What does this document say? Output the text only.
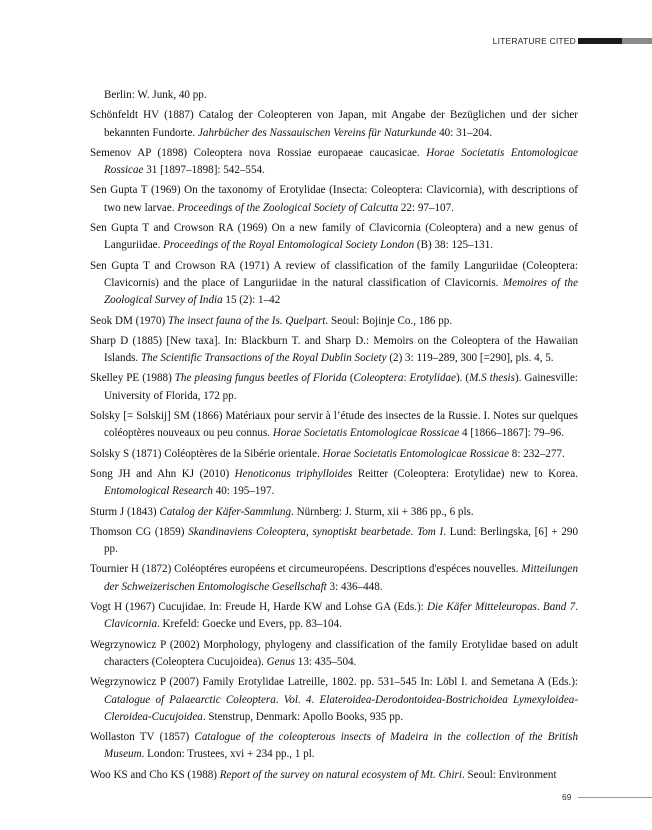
LITERATURE CITED

Berlin: W. Junk, 40 pp.

Schönfeldt HV (1887) Catalog der Coleopteren von Japan, mit Angabe der Bezüglichen und der sicher bekannten Fundorte. Jahrbücher des Nassauischen Vereins für Naturkunde 40: 31–204.

Semenov AP (1898) Coleoptera nova Rossiae europaeae caucasicae. Horae Societatis Entomologicae Rossicae 31 [1897–1898]: 542–554.

Sen Gupta T (1969) On the taxonomy of Erotylidae (Insecta: Coleoptera: Clavicornia), with descriptions of two new larvae. Proceedings of the Zoological Society of Calcutta 22: 97–107.

Sen Gupta T and Crowson RA (1969) On a new family of Clavicornia (Coleoptera) and a new genus of Languriidae. Proceedings of the Royal Entomological Society London (B) 38: 125–131.

Sen Gupta T and Crowson RA (1971) A review of classification of the family Languriidae (Coleoptera: Clavicornis) and the place of Languriidae in the natural classification of Clavicornis. Memoires of the Zoological Survey of India 15 (2): 1–42

Seok DM (1970) The insect fauna of the Is. Quelpart. Seoul: Bojinje Co., 186 pp.

Sharp D (1885) [New taxa]. In: Blackburn T. and Sharp D.: Memoirs on the Coleoptera of the Hawaiian Islands. The Scientific Transactions of the Royal Dublin Society (2) 3: 119–289, 300 [=290], pls. 4, 5.

Skelley PE (1988) The pleasing fungus beetles of Florida (Coleoptera: Erotylidae). (M.S thesis). Gainesville: University of Florida, 172 pp.

Solsky [= Solskij] SM (1866) Matériaux pour servir à l’étude des insectes de la Russie. I. Notes sur quelques coléoptères nouveaux ou peu connus. Horae Societatis Entomologicae Rossicae 4 [1866–1867]: 79–96.

Solsky S (1871) Coléoptères de la Sibérie orientale. Horae Societatis Entomologicae Rossicae 8: 232–277.

Song JH and Ahn KJ (2010) Henoticonus triphylloides Reitter (Coleoptera: Erotylidae) new to Korea. Entomological Research 40: 195–197.

Sturm J (1843) Catalog der Käfer-Sammlung. Nürnberg: J. Sturm, xii + 386 pp., 6 pls.

Thomson CG (1859) Skandinaviens Coleoptera, synoptiskt bearbetade. Tom I. Lund: Berlingska, [6] + 290 pp.

Tournier H (1872) Coléoptéres européens et circumeuropéens. Descriptions d'espéces nouvelles. Mitteilungen der Schweizerischen Entomologische Gesellschaft 3: 436–448.

Vogt H (1967) Cucujidae. In: Freude H, Harde KW and Lohse GA (Eds.): Die Käfer Mitteleuropas. Band 7. Clavicornia. Krefeld: Goecke und Evers, pp. 83–104.

Wegrzynowicz P (2002) Morphology, phylogeny and classification of the family Erotylidae based on adult characters (Coleoptera Cucujoidea). Genus 13: 435–504.

Wegrzynowicz P (2007) Family Erotylidae Latreille, 1802. pp. 531–545 In: Löbl I. and Semetana A (Eds.): Catalogue of Palaearctic Coleoptera. Vol. 4. Elateroidea-Derodontoidea-Bostrichoidea Lymexyloidea-Cleroidea-Cucujoidea. Stenstrup, Denmark: Apollo Books, 935 pp.

Wollaston TV (1857) Catalogue of the coleopterous insects of Madeira in the collection of the British Museum. London: Trustees, xvi + 234 pp., 1 pl.

Woo KS and Cho KS (1988) Report of the survey on natural ecosystem of Mt. Chiri. Seoul: Environment

69
